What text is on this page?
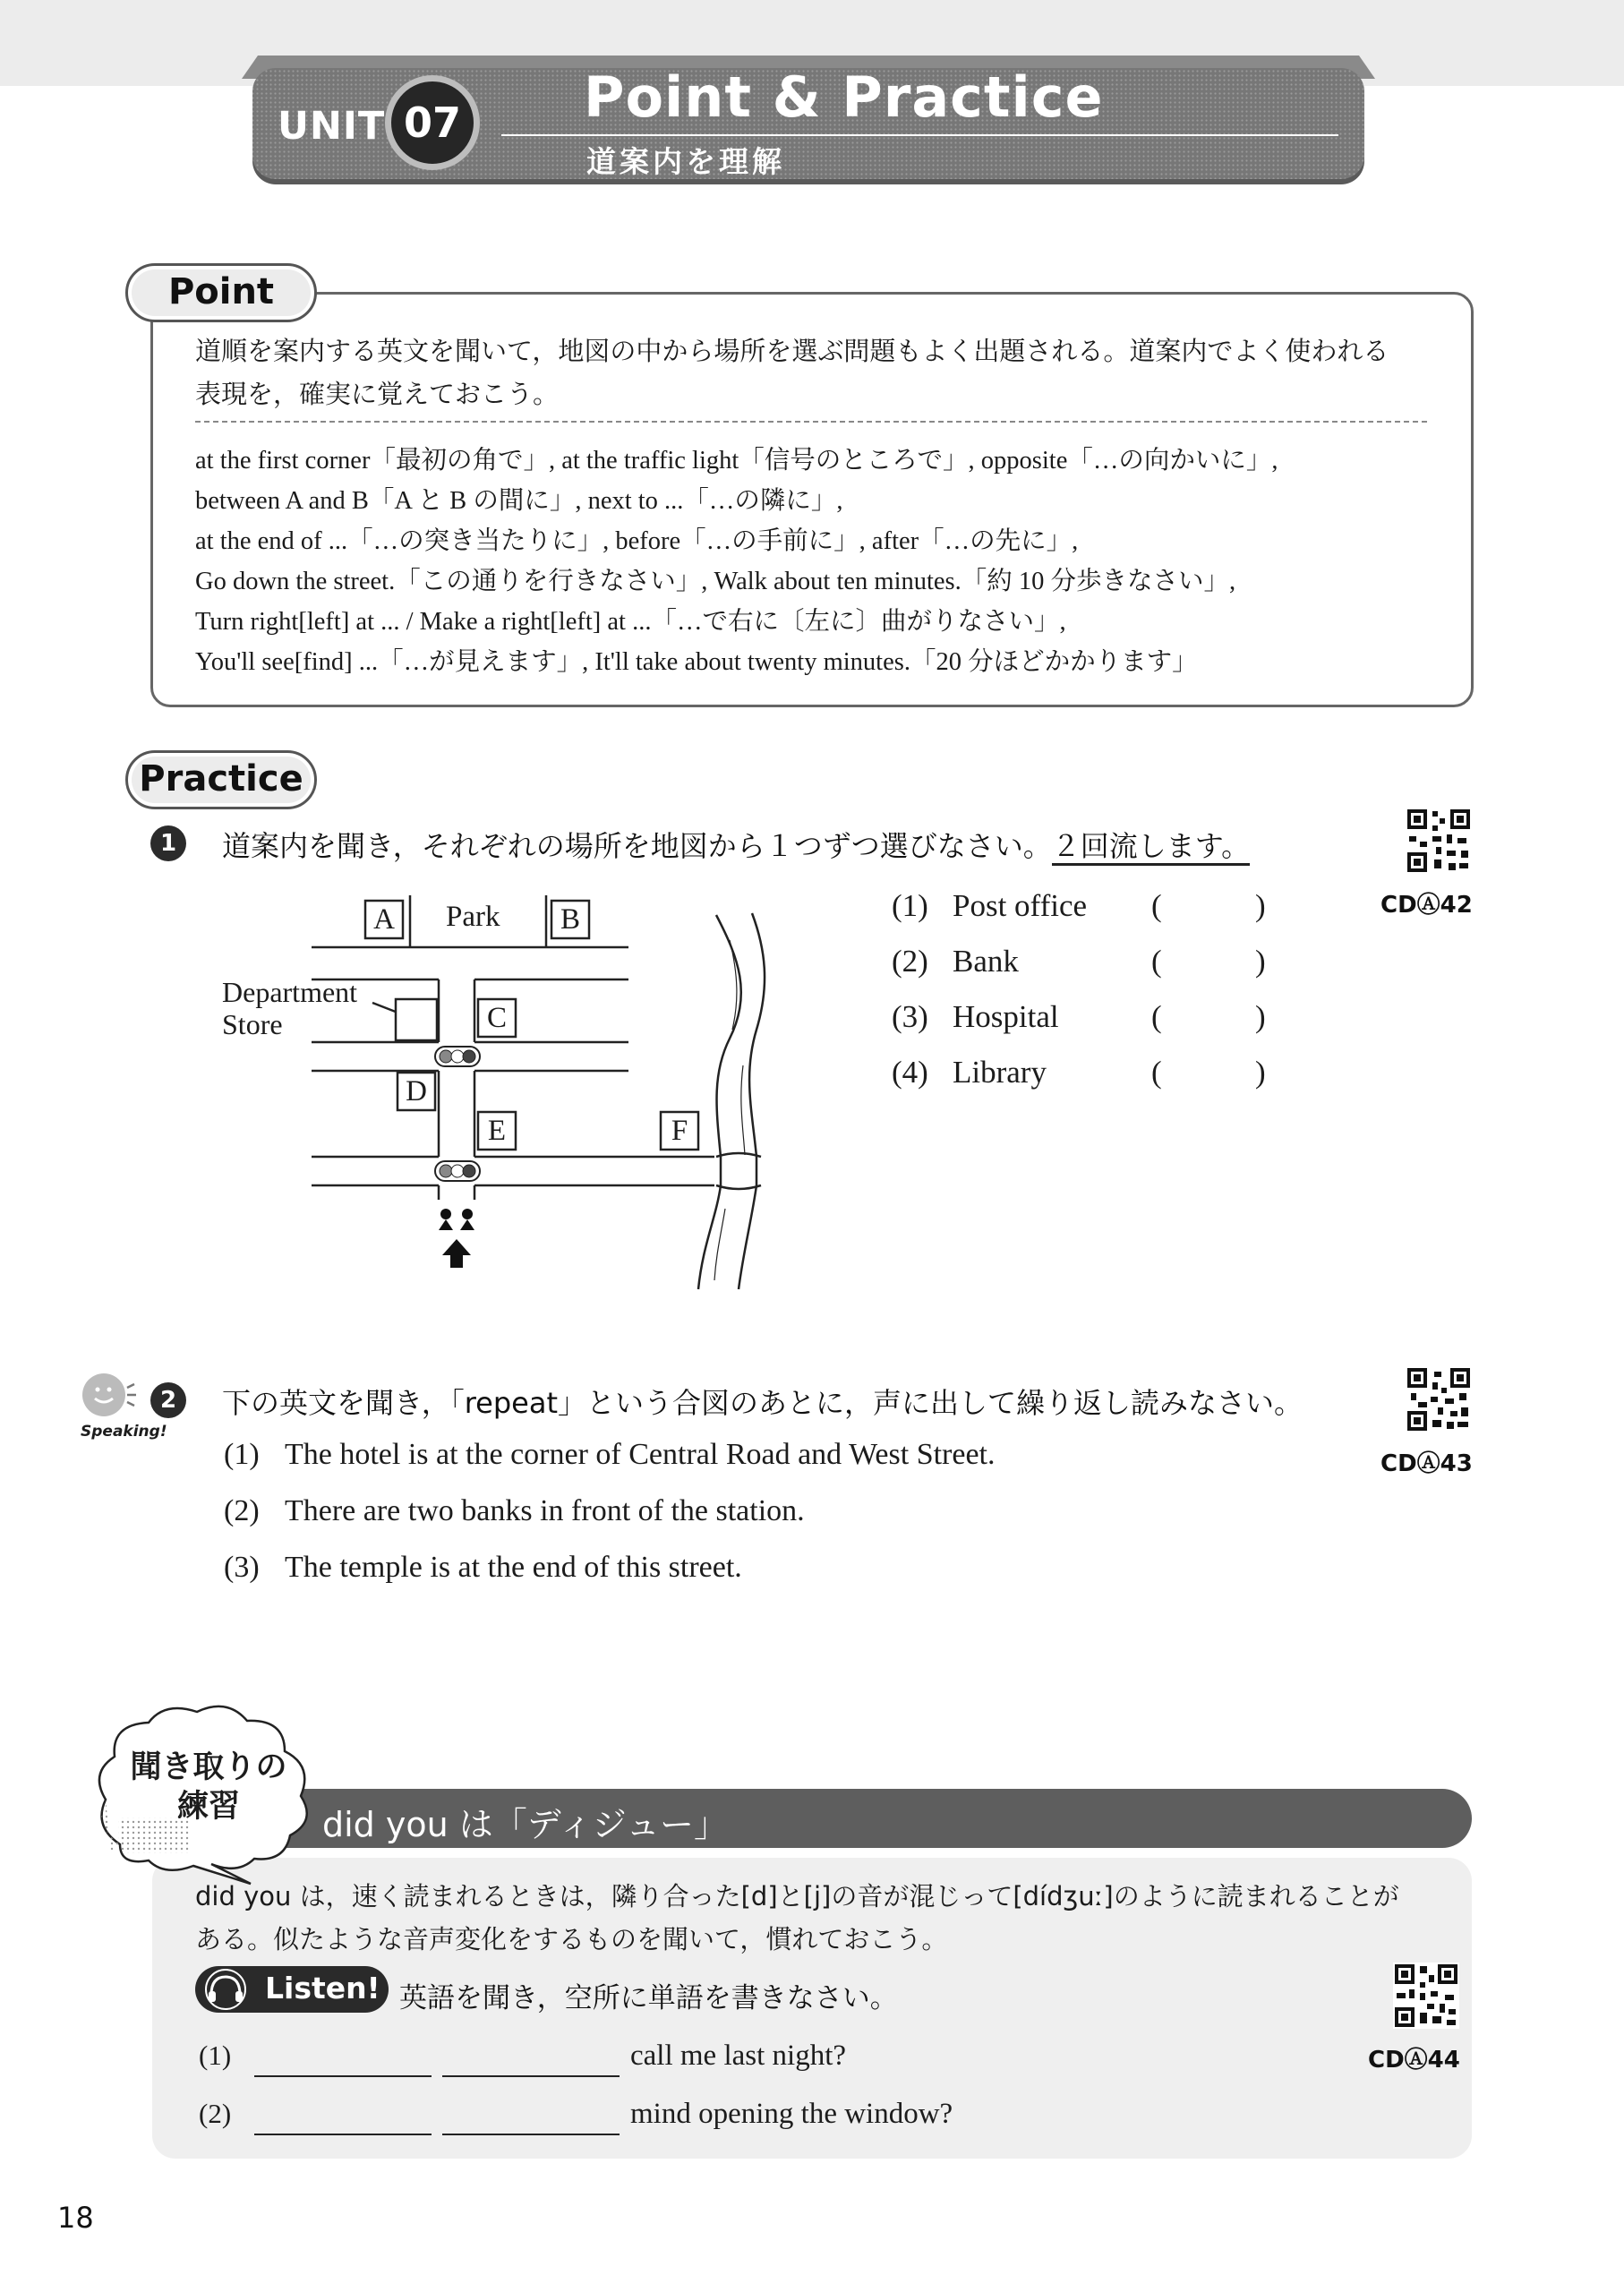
UNIT 07	Point & Practice
道案内を理解
Point
道順を案内する英文を聞いて，地図の中から場所を選ぶ問題もよく出題される。道案内でよく使われる
表現を，確実に覚えておこう。
at the first corner「最初の角で」, at the traffic light「信号のところで」, opposite「…の向かいに」,
between A and B「A と B の間に」, next to ...「…の隣に」,
at the end of ...「…の突き当たりに」, before「…の手前に」, after「…の先に」,
Go down the street.「この通りを行きなさい」, Walk about ten minutes.「約 10 分歩きなさい」,
Turn right[left] at ... / Make a right[left] at ...「…で右に〔左に〕曲がりなさい」,
You'll see[find] ...「…が見えます」, It'll take about twenty minutes.「20 分ほどかかります」
Practice
1	道案内を聞き，それぞれの場所を地図から１つずつ選びなさい。２回流します。
CDⒶ42
Park
Department
Store
A	B
C
D
E	F
(1) Post office (	)
(2) Bank	(	)
(3) Hospital	(	)
(4) Library	(	)
Speaking!
2	下の英文を聞き，「repeat」という合図のあとに，声に出して繰り返し読みなさい。
CDⒶ43
(1) The hotel is at the corner of Central Road and West Street.
(2) There are two banks in front of the station.
(3) The temple is at the end of this street.
did you は「ディジュー」
聞き取りの
練習
did you は，速く読まれるときは，隣り合った[d]と[j]の音が混じって[dídʒuː]のように読まれることが
ある。似たような音声変化をするものを聞いて，慣れておこう。
Listen! 英語を聞き，空所に単語を書きなさい。
CDⒶ44
(1)	call me last night?
(2)	mind opening the window?
18
